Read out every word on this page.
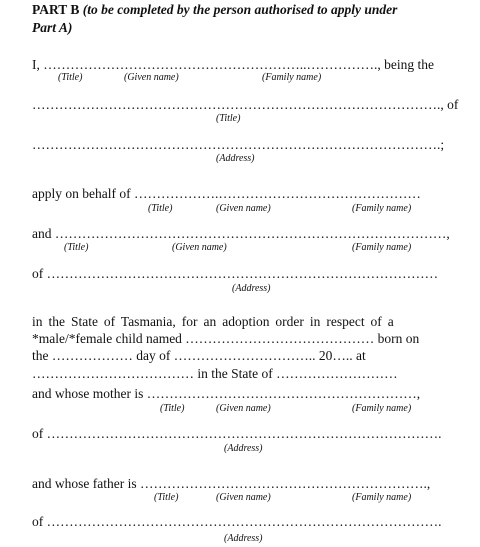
PART B (to be completed by the person authorised to apply under
Part A)
I, …………………………………………………..……………., being the
(Title)	(Given name)	(Family name)
………………………………………………………………………………., of
(Title)
……………………………………………………………………………….;
(Address)
apply on behalf of ……………….………………………………………
(Title)	(Given name)	(Family name)
and ……………………………………………………………………………,
(Title)	(Given name)	(Family name)
of ……………………………………………………………………………
(Address)
in the State of Tasmania, for an adoption order in respect of a
*male/*female child named …………………………………… born on
the ……………… day of ………………………….. 20….. at
……………………………… in the State of ………………………
and whose mother is ……………………………………………………,
(Title)	(Given name)	(Family name)
of …………………………………………………………………………….
(Address)
and whose father is ……………………………………………………….,
(Title)	(Given name)	(Family name)
of …………………………………………………………………………….
(Address)
